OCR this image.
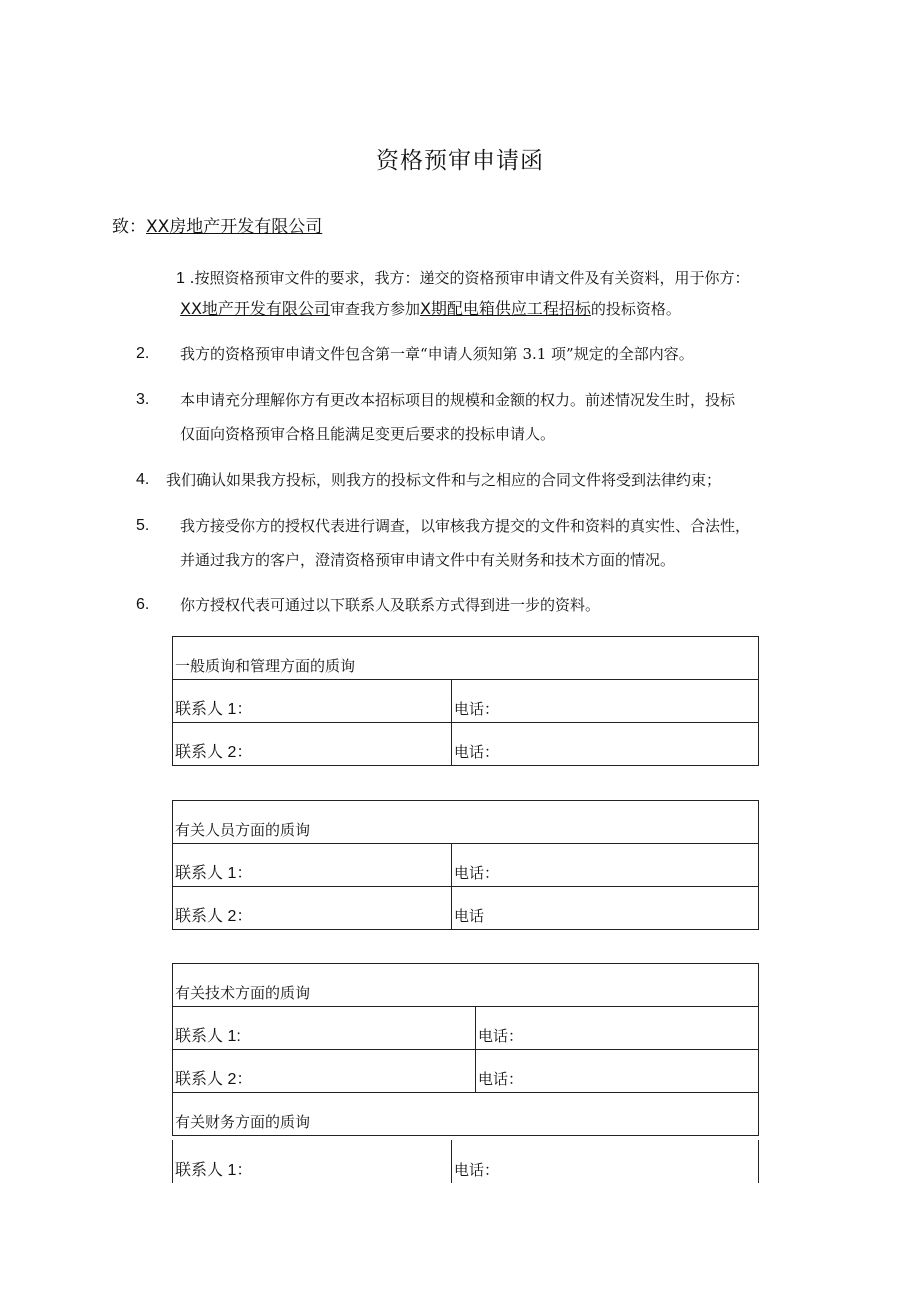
资格预审申请函
致：XX房地产开发有限公司
1 .按照资格预审文件的要求，我方：递交的资格预审申请文件及有关资料，用于你方：
XX地产开发有限公司审查我方参加X期配电箱供应工程招标的投标资格。
2. 我方的资格预审申请文件包含第一章“申请人须知第 3.1 项”规定的全部内容。
3. 本申请充分理解你方有更改本招标项目的规模和金额的权力。前述情况发生时，投标
仅面向资格预审合格且能满足变更后要求的投标申请人。
4. 我们确认如果我方投标，则我方的投标文件和与之相应的合同文件将受到法律约束；
5. 我方接受你方的授权代表进行调查，以审核我方提交的文件和资料的真实性、合法性，
并通过我方的客户，澄清资格预审申请文件中有关财务和技术方面的情况。
6. 你方授权代表可通过以下联系人及联系方式得到进一步的资料。
一般质询和管理方面的质询	
联系人 1：	电话：
联系人 2：	电话：
有关人员方面的质询	
联系人 1：	电话：
联系人 2：	电话
有关技术方面的质询	
联系人 1:	电话：
联系人 2：	电话：
有关财务方面的质询	
联系人 1：	电话：
